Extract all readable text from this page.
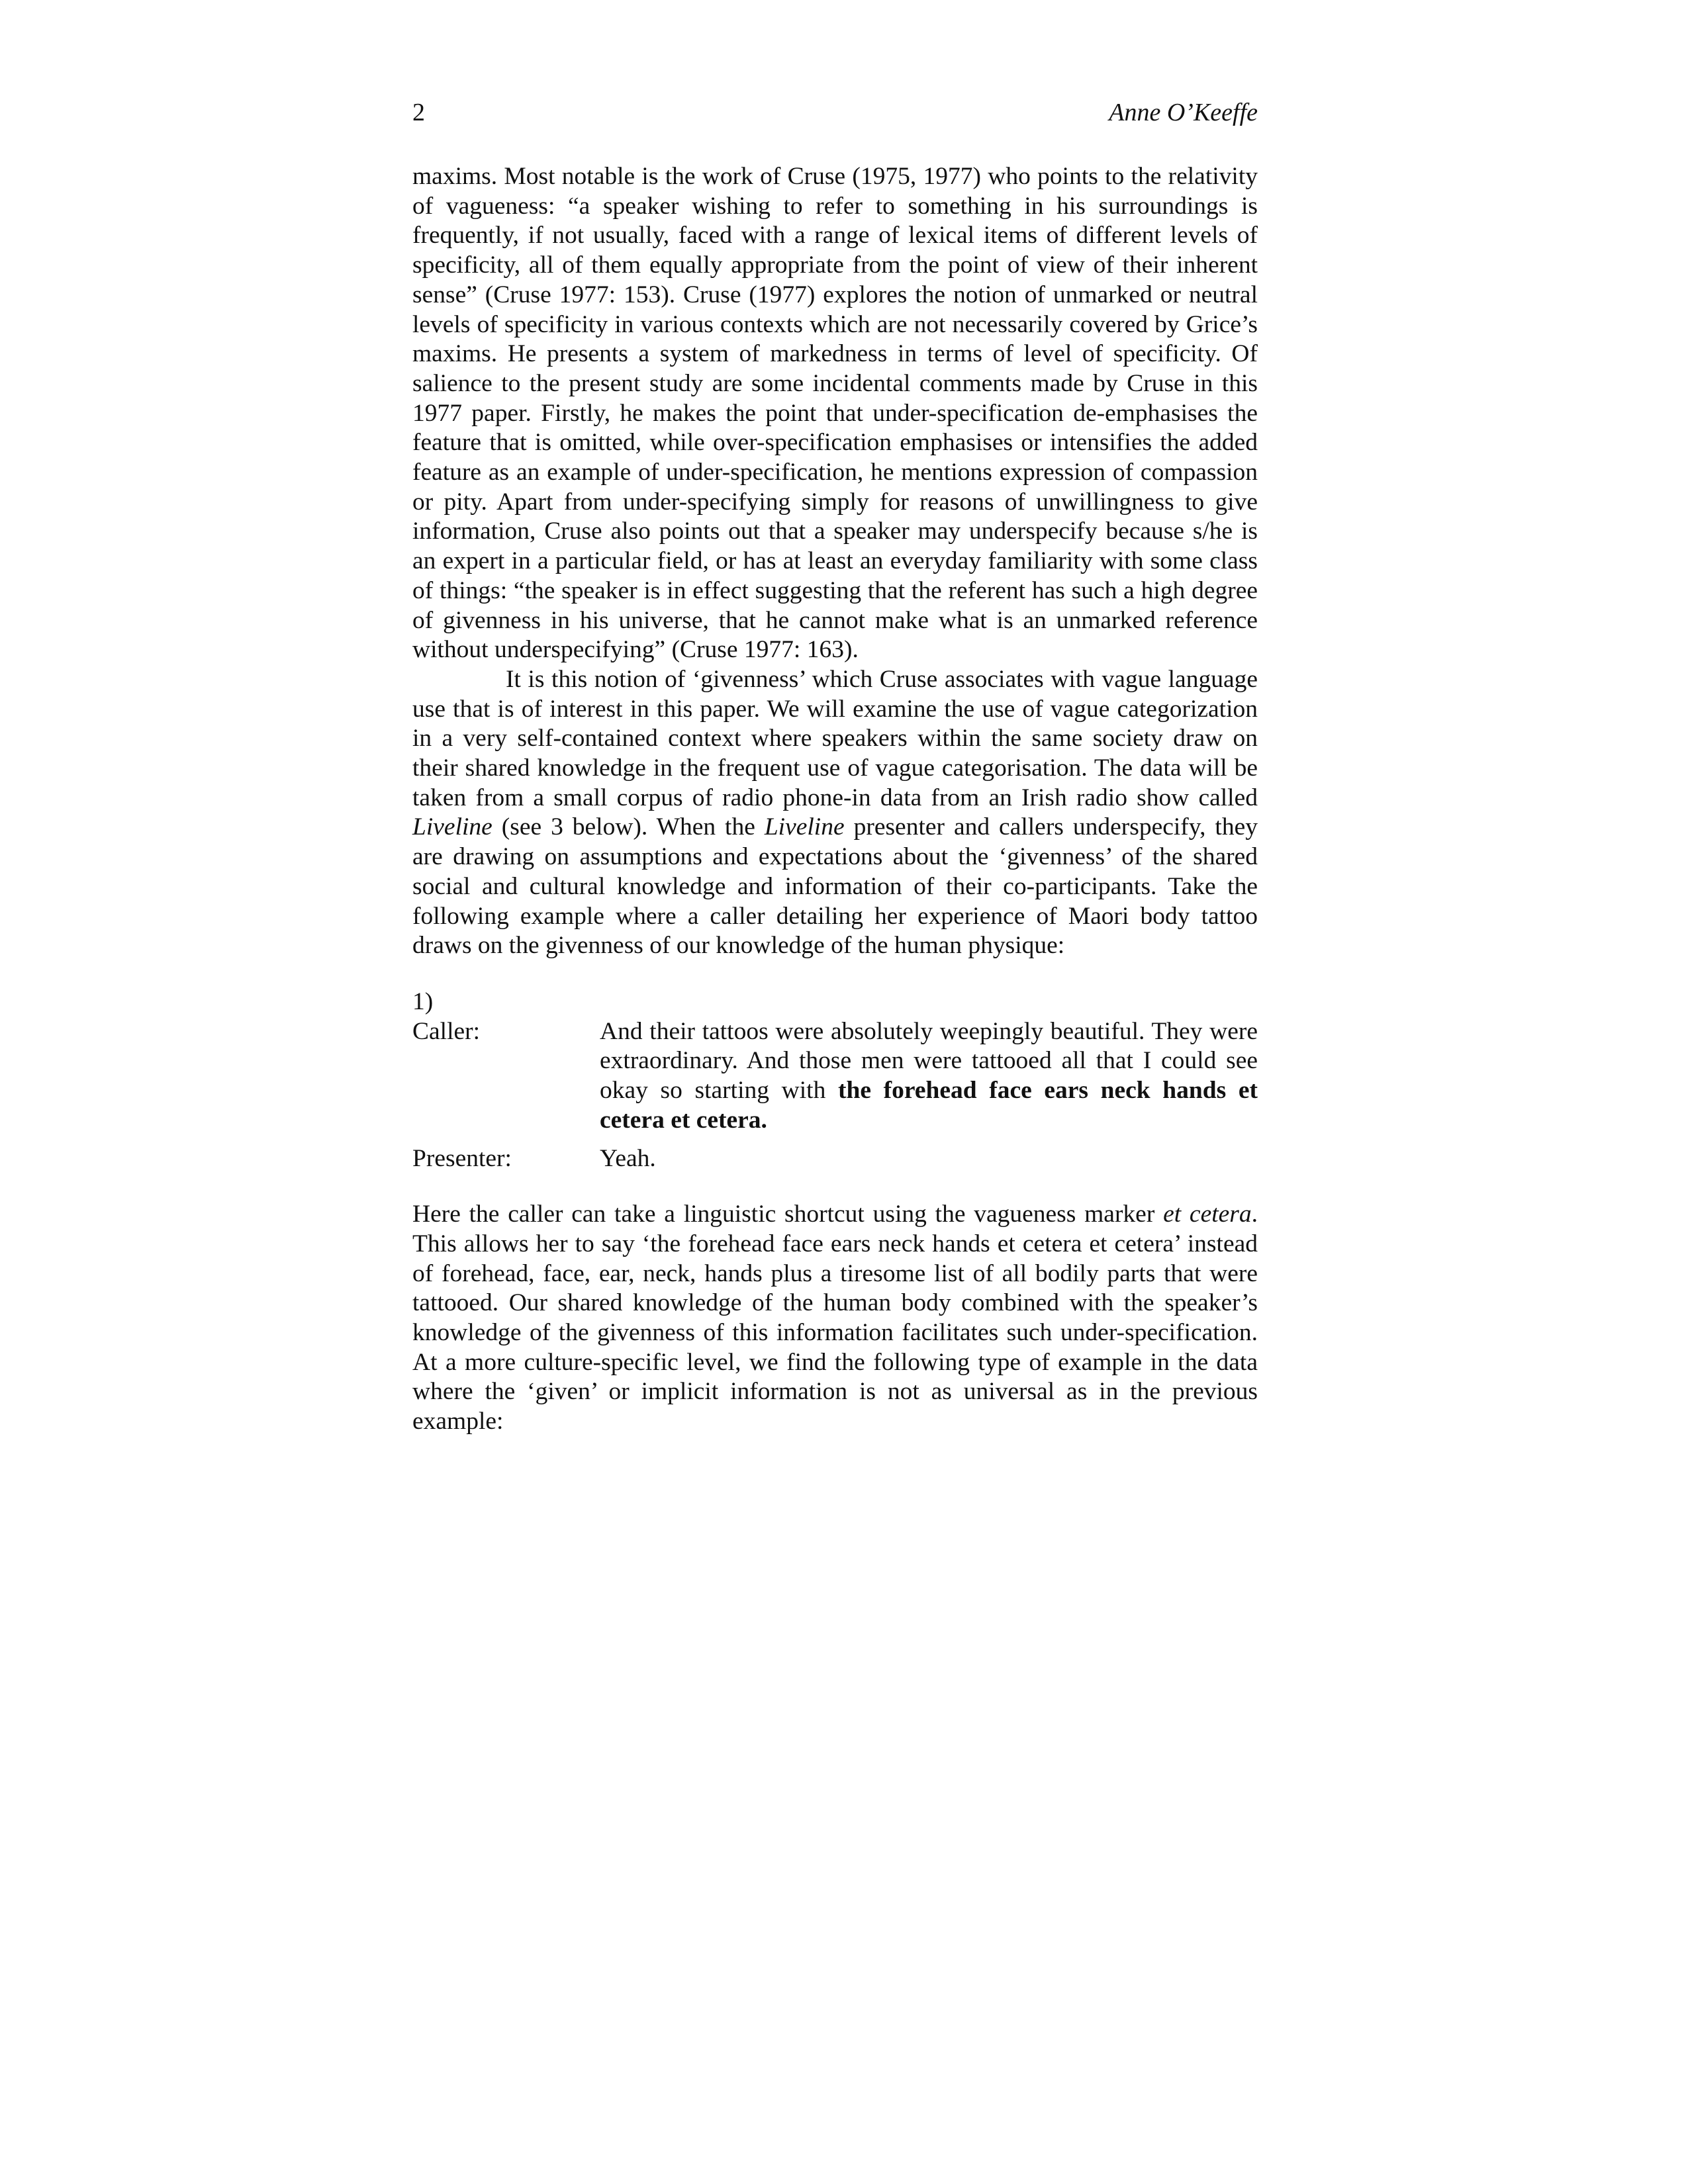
2	Anne O’Keeffe

maxims. Most notable is the work of Cruse (1975, 1977) who points to the relativity of vagueness: “a speaker wishing to refer to something in his surroundings is frequently, if not usually, faced with a range of lexical items of different levels of specificity, all of them equally appropriate from the point of view of their inherent sense” (Cruse 1977: 153). Cruse (1977) explores the notion of unmarked or neutral levels of specificity in various contexts which are not necessarily covered by Grice’s maxims. He presents a system of markedness in terms of level of specificity. Of salience to the present study are some incidental comments made by Cruse in this 1977 paper. Firstly, he makes the point that under-specification de-emphasises the feature that is omitted, while over-specification emphasises or intensifies the added feature as an example of under-specification, he mentions expression of compassion or pity. Apart from under-specifying simply for reasons of unwillingness to give information, Cruse also points out that a speaker may underspecify because s/he is an expert in a particular field, or has at least an everyday familiarity with some class of things: “the speaker is in effect suggesting that the referent has such a high degree of givenness in his universe, that he cannot make what is an unmarked reference without underspecifying” (Cruse 1977: 163).

It is this notion of ‘givenness’ which Cruse associates with vague language use that is of interest in this paper. We will examine the use of vague categorization in a very self-contained context where speakers within the same society draw on their shared knowledge in the frequent use of vague categorisation. The data will be taken from a small corpus of radio phone-in data from an Irish radio show called Liveline (see 3 below). When the Liveline presenter and callers underspecify, they are drawing on assumptions and expectations about the ‘givenness’ of the shared social and cultural knowledge and information of their co-participants. Take the following example where a caller detailing her experience of Maori body tattoo draws on the givenness of our knowledge of the human physique:

1)
Caller:	And their tattoos were absolutely weepingly beautiful. They were extraordinary. And those men were tattooed all that I could see okay so starting with the forehead face ears neck hands et cetera et cetera.
Presenter:	Yeah.

Here the caller can take a linguistic shortcut using the vagueness marker et cetera. This allows her to say ‘the forehead face ears neck hands et cetera et cetera’ instead of forehead, face, ear, neck, hands plus a tiresome list of all bodily parts that were tattooed. Our shared knowledge of the human body combined with the speaker’s knowledge of the givenness of this information facilitates such under-specification. At a more culture-specific level, we find the following type of example in the data where the ‘given’ or implicit information is not as universal as in the previous example:
